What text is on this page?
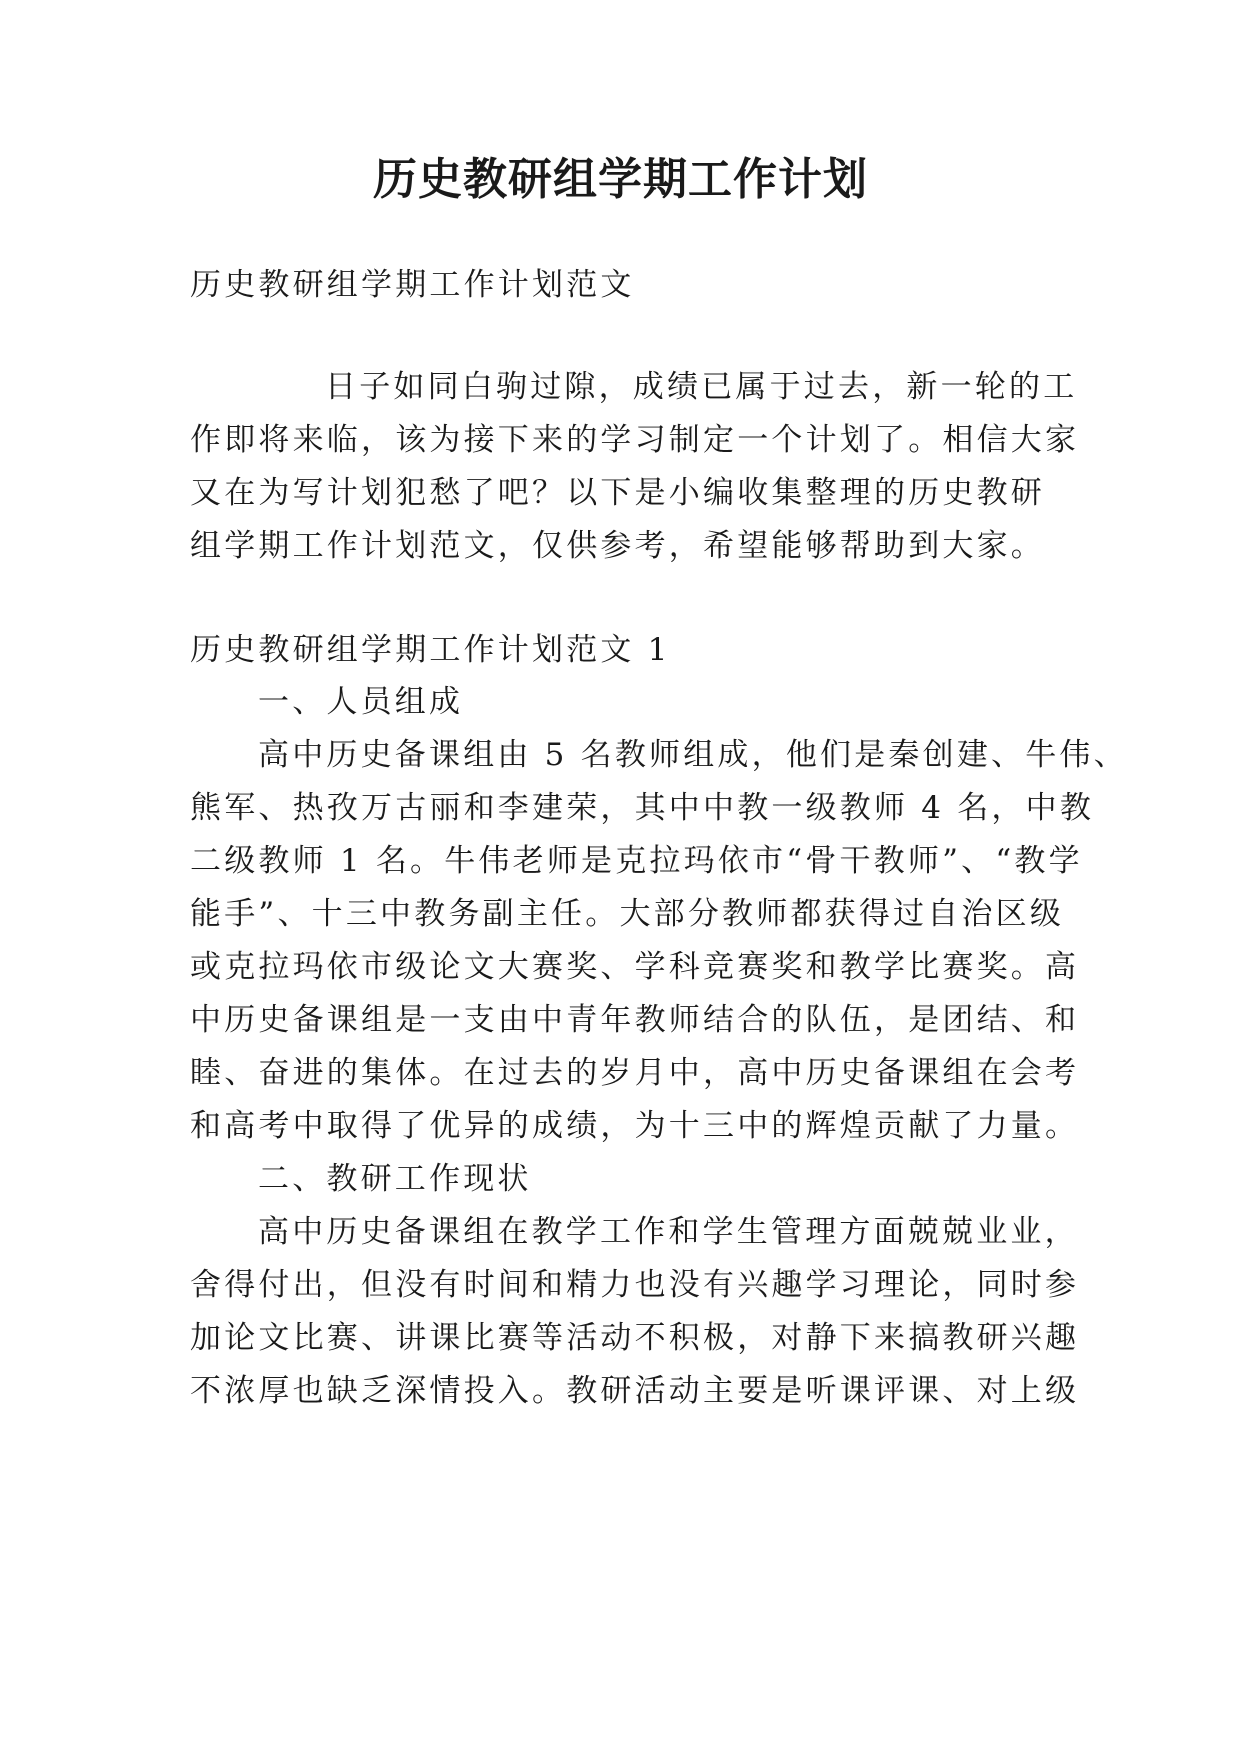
历史教研组学期工作计划

历史教研组学期工作计划范文

日子如同白驹过隙，成绩已属于过去，新一轮的工

作即将来临，该为接下来的学习制定一个计划了。相信大家

又在为写计划犯愁了吧？以下是小编收集整理的历史教研

组学期工作计划范文，仅供参考，希望能够帮助到大家。

历史教研组学期工作计划范文 1

一、人员组成

高中历史备课组由 5 名教师组成，他们是秦创建、牛伟、

熊军、热孜万古丽和李建荣，其中中教一级教师 4 名，中教

二级教师 1 名。牛伟老师是克拉玛依市“骨干教师”、“教学

能手”、十三中教务副主任。大部分教师都获得过自治区级

或克拉玛依市级论文大赛奖、学科竞赛奖和教学比赛奖。高

中历史备课组是一支由中青年教师结合的队伍，是团结、和

睦、奋进的集体。在过去的岁月中，高中历史备课组在会考

和高考中取得了优异的成绩，为十三中的辉煌贡献了力量。

二、教研工作现状

高中历史备课组在教学工作和学生管理方面兢兢业业，

舍得付出，但没有时间和精力也没有兴趣学习理论，同时参

加论文比赛、讲课比赛等活动不积极，对静下来搞教研兴趣

不浓厚也缺乏深情投入。教研活动主要是听课评课、对上级
